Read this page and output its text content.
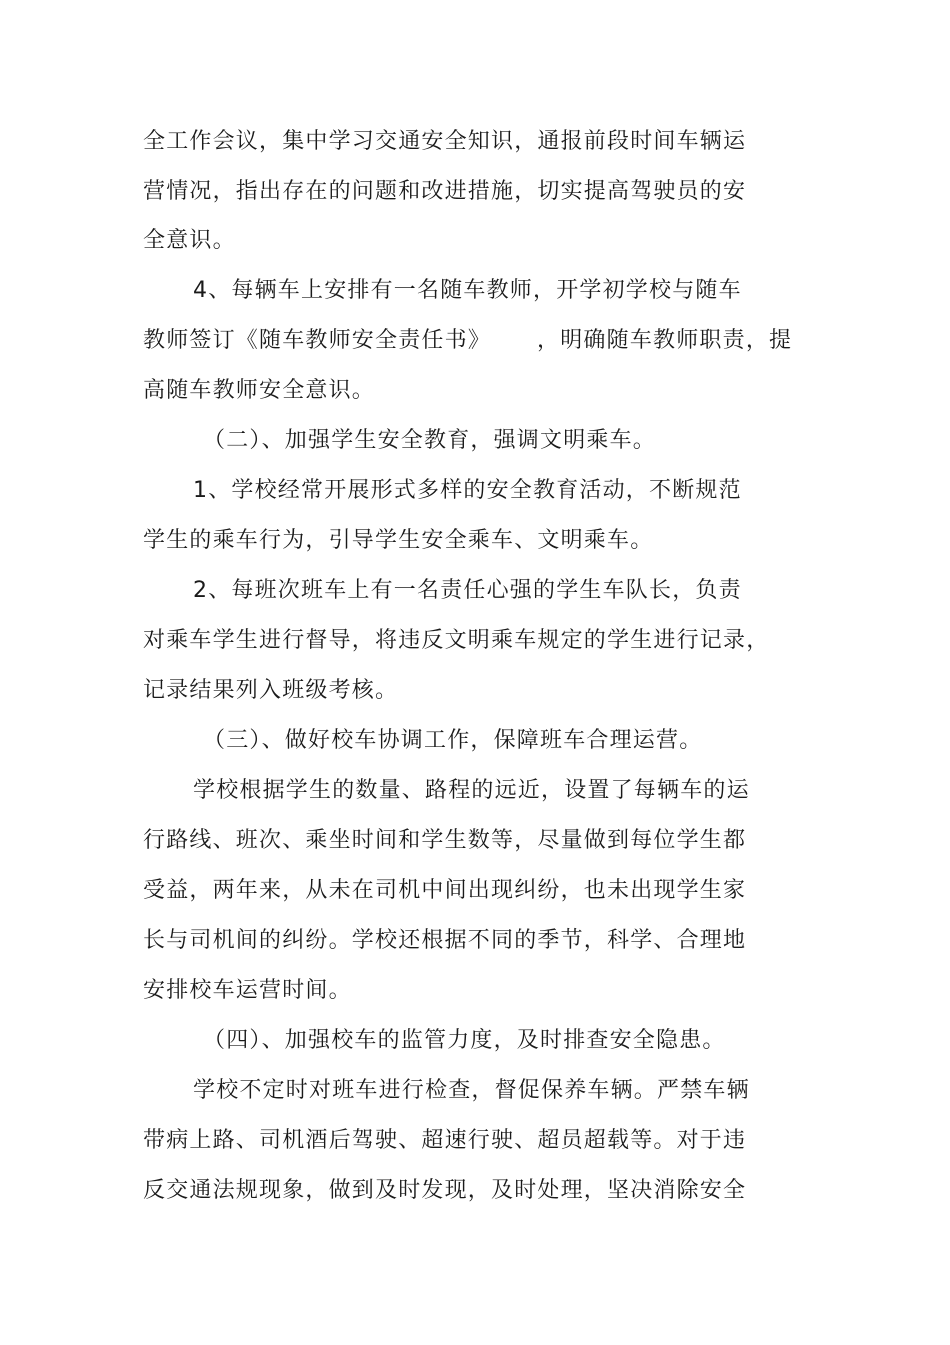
全工作会议，集中学习交通安全知识，通报前段时间车辆运
营情况，指出存在的问题和改进措施，切实提高驾驶员的安
全意识。
4、每辆车上安排有一名随车教师，开学初学校与随车
教师签订《随车教师安全责任书》 ，明确随车教师职责，提
高随车教师安全意识。
（二）、加强学生安全教育，强调文明乘车。
1、学校经常开展形式多样的安全教育活动，不断规范
学生的乘车行为，引导学生安全乘车、文明乘车。
2、每班次班车上有一名责任心强的学生车队长，负责
对乘车学生进行督导，将违反文明乘车规定的学生进行记录，
记录结果列入班级考核。
（三）、做好校车协调工作，保障班车合理运营。
学校根据学生的数量、路程的远近，设置了每辆车的运
行路线、班次、乘坐时间和学生数等，尽量做到每位学生都
受益，两年来，从未在司机中间出现纠纷，也未出现学生家
长与司机间的纠纷。学校还根据不同的季节，科学、合理地
安排校车运营时间。
（四）、加强校车的监管力度，及时排查安全隐患。
学校不定时对班车进行检查，督促保养车辆。严禁车辆
带病上路、司机酒后驾驶、超速行驶、超员超载等。对于违
反交通法规现象，做到及时发现，及时处理，坚决消除安全
